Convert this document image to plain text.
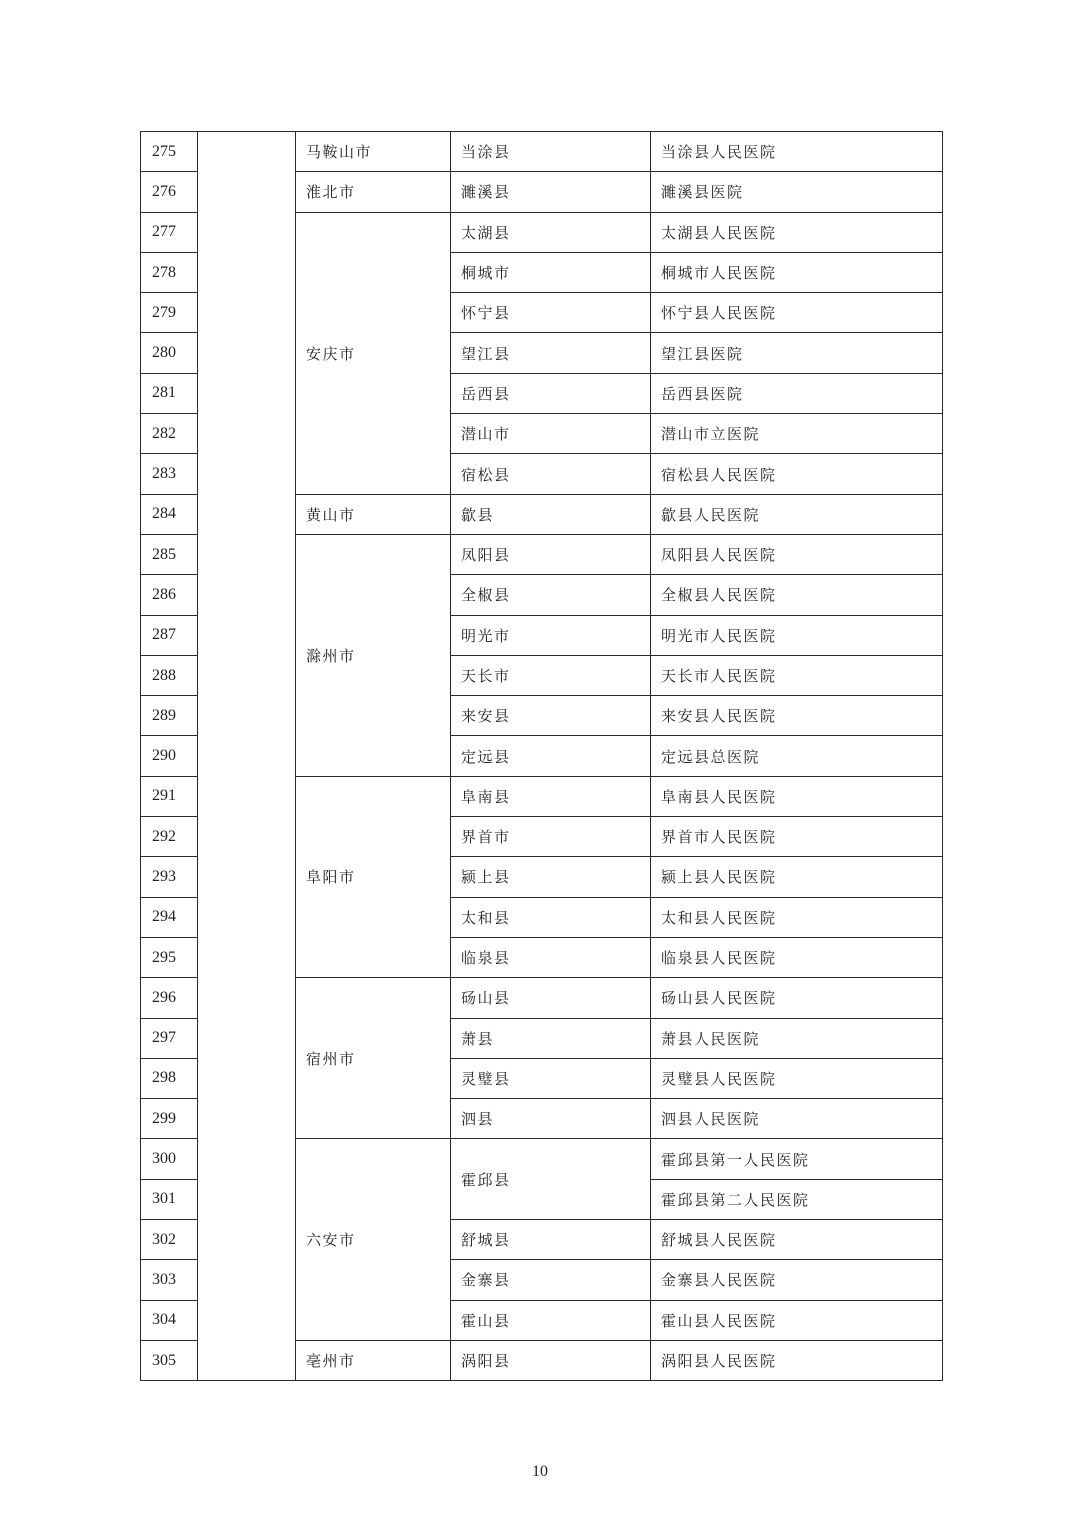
275		马鞍山市	当涂县	当涂县人民医院
276		淮北市	濉溪县	濉溪县医院
277		安庆市	太湖县	太湖县人民医院
278			桐城市	桐城市人民医院
279			怀宁县	怀宁县人民医院
280			望江县	望江县医院
281			岳西县	岳西县医院
282			潜山市	潜山市立医院
283			宿松县	宿松县人民医院
284		黄山市	歙县	歙县人民医院
285		滁州市	凤阳县	凤阳县人民医院
286			全椒县	全椒县人民医院
287			明光市	明光市人民医院
288			天长市	天长市人民医院
289			来安县	来安县人民医院
290			定远县	定远县总医院
291		阜阳市	阜南县	阜南县人民医院
292			界首市	界首市人民医院
293			颍上县	颍上县人民医院
294			太和县	太和县人民医院
295			临泉县	临泉县人民医院
296		宿州市	砀山县	砀山县人民医院
297			萧县	萧县人民医院
298			灵璧县	灵璧县人民医院
299			泗县	泗县人民医院
300		六安市	霍邱县	霍邱县第一人民医院
301				霍邱县第二人民医院
302			舒城县	舒城县人民医院
303			金寨县	金寨县人民医院
304			霍山县	霍山县人民医院
305		亳州市	涡阳县	涡阳县人民医院
10
